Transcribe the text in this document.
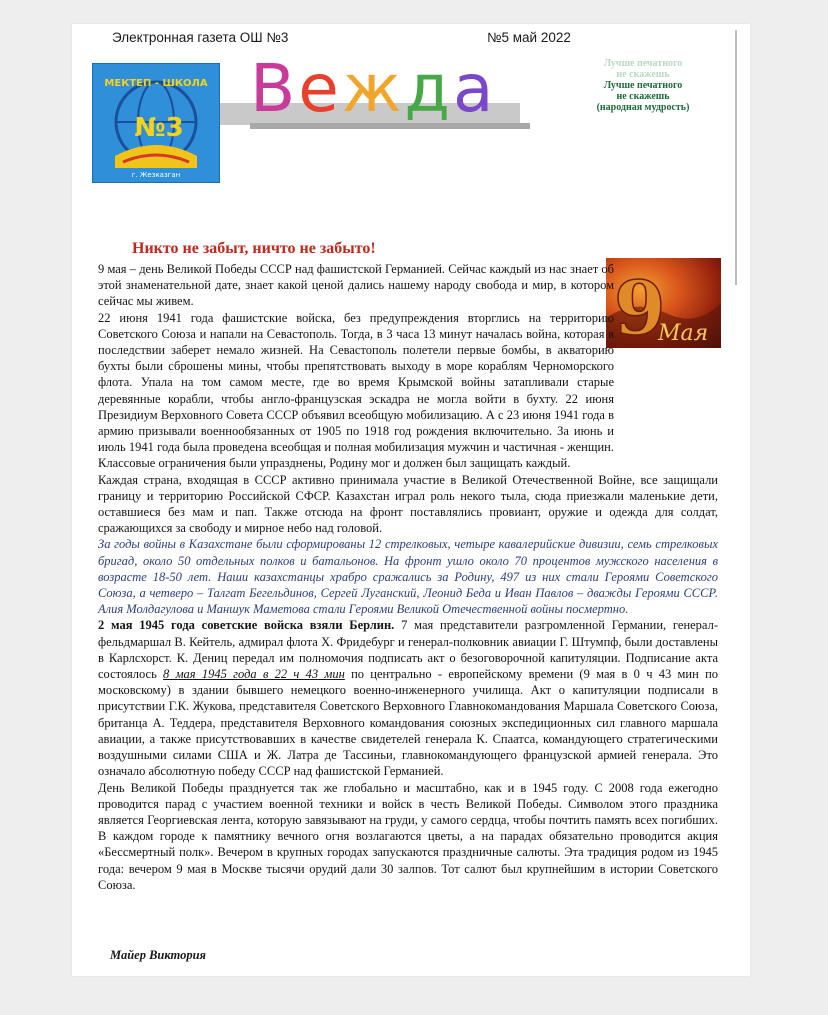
Электронная газета ОШ №3	№5 май 2022
МЕКТЕП - ШКОЛА
№3
г. Жезказган
Вежда	Лучше печатного
не скажешь
Лучше печатного
не скажешь
(народная мудрость)
Никто не забыт, ничто не забыто!
9
Мая

9 мая – день Великой Победы СССР над фашистской Германией. Сейчас каждый из нас знает об этой знаменательной дате, знает какой ценой дались нашему народу свобода и мир, в котором сейчас мы живем.

22 июня 1941 года фашистские войска, без предупреждения вторглись на территорию Советского Союза и напали на Севастополь. Тогда, в 3 часа 13 минут началась война, которая в последствии заберет немало жизней. На Севастополь полетели первые бомбы, в акваторию бухты были сброшены мины, чтобы препятствовать выходу в море кораблям Черноморского флота. Упала на том самом месте, где во время Крымской войны затапливали старые деревянные корабли, чтобы англо-французская эскадра не могла войти в бухту. 22 июня Президиум Верховного Совета СССР объявил всеобщую мобилизацию. А с 23 июня 1941 года в армию призывали военнообязанных от 1905 по 1918 год рождения включительно. За июнь и июль 1941 года была проведена всеобщая и полная мобилизация мужчин и частичная - женщин. Классовые ограничения были упразднены, Родину мог и должен был защищать каждый.

Каждая страна, входящая в СССР активно принимала участие в Великой Отечественной Войне, все защищали границу и территорию Российской СФСР. Казахстан играл роль некого тыла, сюда приезжали маленькие дети, оставшиеся без мам и пап. Также отсюда на фронт поставлялись провиант, оружие и одежда для солдат, сражающихся за свободу и мирное небо над головой.

За годы войны в Казахстане были сформированы 12 стрелковых, четыре кавалерийские дивизии, семь стрелковых бригад, около 50 отдельных полков и батальонов. На фронт ушло около 70 процентов мужского населения в возрасте 18-50 лет. Наши казахстанцы храбро сражались за Родину, 497 из них стали Героями Советского Союза, а четверо – Талгат Бегельдинов, Сергей Луганский, Леонид Беда и Иван Павлов – дважды Героями СССР. Алия Молдагулова и Маншук Маметова стали Героями Великой Отечественной войны посмертно.

2 мая 1945 года советские войска взяли Берлин. 7 мая представители разгромленной Германии, генерал-фельдмаршал В. Кейтель, адмирал флота Х. Фридебург и генерал-полковник авиации Г. Штумпф, были доставлены в Карлсхорст. К. Дениц передал им полномочия подписать акт о безоговорочной капитуляции. Подписание акта состоялось 8 мая 1945 года в 22 ч 43 мин по центрально - европейскому времени (9 мая в 0 ч 43 мин по московскому) в здании бывшего немецкого военно-инженерного училища. Акт о капитуляции подписали в присутствии Г.К. Жукова, представителя Советского Верховного Главнокомандования Маршала Советского Союза, британца А. Теддера, представителя Верховного командования союзных экспедиционных сил главного маршала авиации, а также присутствовавших в качестве свидетелей генерала К. Спаатса, командующего стратегическими воздушными силами США и Ж. Латра де Тассиньи, главнокомандующего французской армией генерала. Это означало абсолютную победу СССР над фашистской Германией.

День Великой Победы празднуется так же глобально и масштабно, как и в 1945 году. С 2008 года ежегодно проводится парад с участием военной техники и войск в честь Великой Победы. Символом этого праздника является Георгиевская лента, которую завязывают на груди, у самого сердца, чтобы почтить память всех погибших. В каждом городе к памятнику вечного огня возлагаются цветы, а на парадах обязательно проводится акция «Бессмертный полк». Вечером в крупных городах запускаются праздничные салюты. Эта традиция родом из 1945 года: вечером 9 мая в Москве тысячи орудий дали 30 залпов. Тот салют был крупнейшим в истории Советского Союза.

Майер Виктория
